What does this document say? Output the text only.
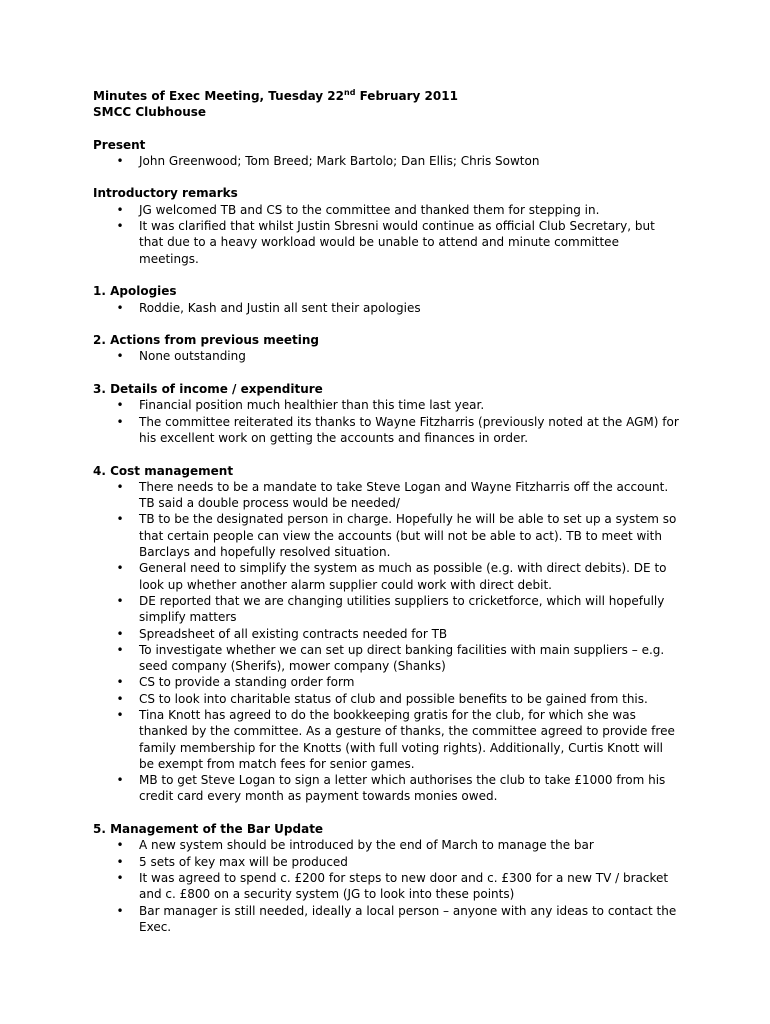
Minutes of Exec Meeting, Tuesday 22nd February 2011

SMCC Clubhouse

Present

• John Greenwood; Tom Breed; Mark Bartolo; Dan Ellis; Chris Sowton

Introductory remarks

• JG welcomed TB and CS to the committee and thanked them for stepping in.
• It was clarified that whilst Justin Sbresni would continue as official Club Secretary, but that due to a heavy workload would be unable to attend and minute committee meetings.

1. Apologies

• Roddie, Kash and Justin all sent their apologies

2. Actions from previous meeting

• None outstanding

3. Details of income / expenditure

• Financial position much healthier than this time last year.
• The committee reiterated its thanks to Wayne Fitzharris (previously noted at the AGM) for his excellent work on getting the accounts and finances in order.

4. Cost management

• There needs to be a mandate to take Steve Logan and Wayne Fitzharris off the account. TB said a double process would be needed/
• TB to be the designated person in charge. Hopefully he will be able to set up a system so that certain people can view the accounts (but will not be able to act). TB to meet with Barclays and hopefully resolved situation.
• General need to simplify the system as much as possible (e.g. with direct debits). DE to look up whether another alarm supplier could work with direct debit.
• DE reported that we are changing utilities suppliers to cricketforce, which will hopefully simplify matters
• Spreadsheet of all existing contracts needed for TB
• To investigate whether we can set up direct banking facilities with main suppliers – e.g. seed company (Sherifs), mower company (Shanks)
• CS to provide a standing order form
• CS to look into charitable status of club and possible benefits to be gained from this.
• Tina Knott has agreed to do the bookkeeping gratis for the club, for which she was thanked by the committee. As a gesture of thanks, the committee agreed to provide free family membership for the Knotts (with full voting rights). Additionally, Curtis Knott will be exempt from match fees for senior games.
• MB to get Steve Logan to sign a letter which authorises the club to take £1000 from his credit card every month as payment towards monies owed.

5. Management of the Bar Update

• A new system should be introduced by the end of March to manage the bar
• 5 sets of key max will be produced
• It was agreed to spend c. £200 for steps to new door and c. £300 for a new TV / bracket and c. £800 on a security system (JG to look into these points)
• Bar manager is still needed, ideally a local person – anyone with any ideas to contact the Exec.
